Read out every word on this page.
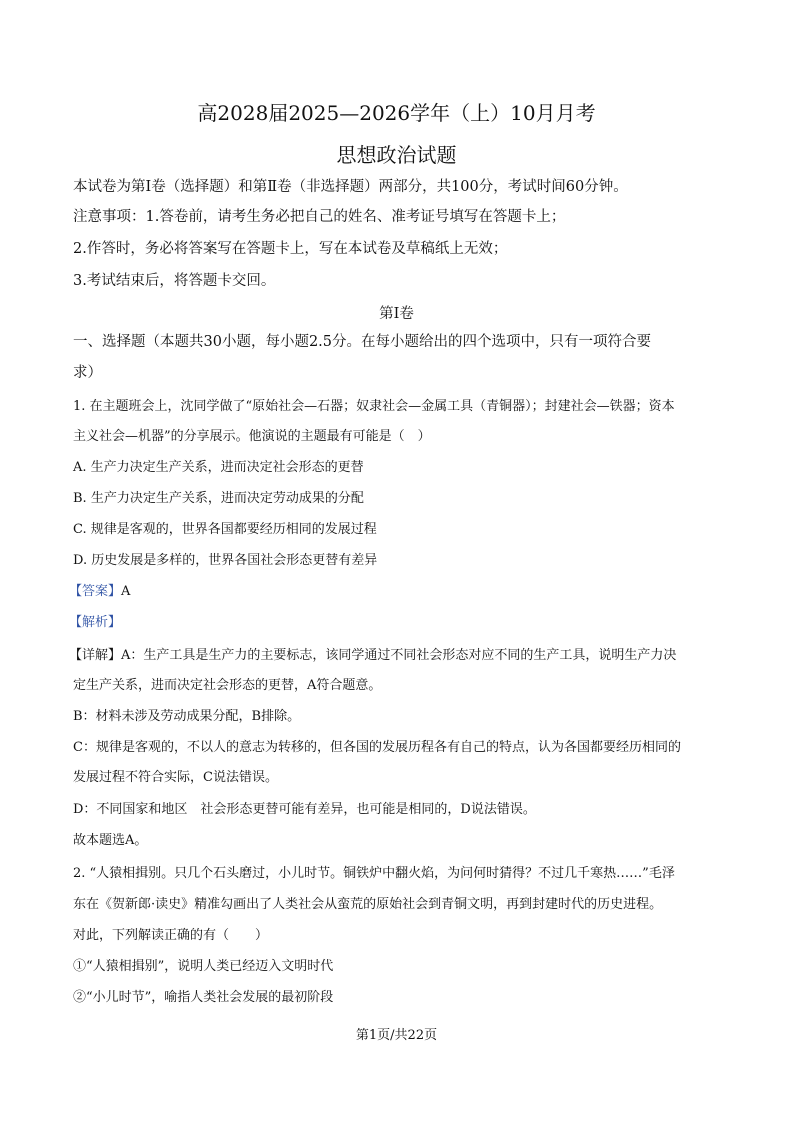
高2028届2025—2026学年（上）10月月考
思想政治试题
本试卷为第Ⅰ卷（选择题）和第Ⅱ卷（非选择题）两部分，共100分，考试时间60分钟。
注意事项：1.答卷前，请考生务必把自己的姓名、准考证号填写在答题卡上；
2.作答时，务必将答案写在答题卡上，写在本试卷及草稿纸上无效；
3.考试结束后，将答题卡交回。
第Ⅰ卷
一、选择题（本题共30小题，每小题2.5分。在每小题给出的四个选项中，只有一项符合要
求）
1. 在主题班会上，沈同学做了“原始社会—石器；奴隶社会—金属工具（青铜器）；封建社会—铁器；资本
主义社会—机器”的分享展示。他演说的主题最有可能是（　）
A. 生产力决定生产关系，进而决定社会形态的更替
B. 生产力决定生产关系，进而决定劳动成果的分配
C. 规律是客观的，世界各国都要经历相同的发展过程
D. 历史发展是多样的，世界各国社会形态更替有差异
【答案】A
【解析】
【详解】A：生产工具是生产力的主要标志，该同学通过不同社会形态对应不同的生产工具，说明生产力决
定生产关系，进而决定社会形态的更替，A符合题意。
B：材料未涉及劳动成果分配，B排除。
C：规律是客观的，不以人的意志为转移的，但各国的发展历程各有自己的特点，认为各国都要经历相同的
发展过程不符合实际，C说法错误。
D：不同国家和地区　社会形态更替可能有差异，也可能是相同的，D说法错误。
故本题选A。
2. “人猿相揖别。只几个石头磨过，小儿时节。铜铁炉中翻火焰，为问何时猜得？不过几千寒热……”毛泽
东在《贺新郎·读史》精准勾画出了人类社会从蛮荒的原始社会到青铜文明，再到封建时代的历史进程。
对此，下列解读正确的有（　　）
①“人猿相揖别”，说明人类已经迈入文明时代
②“小儿时节”，喻指人类社会发展的最初阶段
第1页/共22页
